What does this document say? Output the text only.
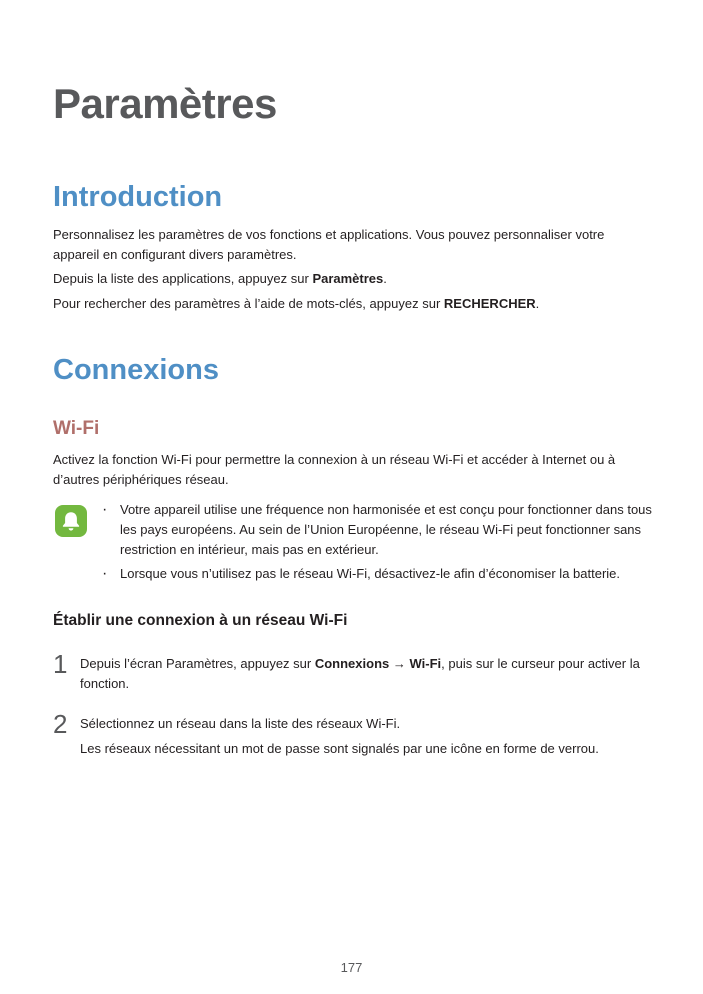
Paramètres
Introduction
Personnalisez les paramètres de vos fonctions et applications. Vous pouvez personnaliser votre appareil en configurant divers paramètres.
Depuis la liste des applications, appuyez sur Paramètres.
Pour rechercher des paramètres à l’aide de mots-clés, appuyez sur RECHERCHER.
Connexions
Wi-Fi
Activez la fonction Wi-Fi pour permettre la connexion à un réseau Wi-Fi et accéder à Internet ou à d’autres périphériques réseau.
· Votre appareil utilise une fréquence non harmonisée et est conçu pour fonctionner dans tous les pays européens. Au sein de l’Union Européenne, le réseau Wi-Fi peut fonctionner sans restriction en intérieur, mais pas en extérieur.
· Lorsque vous n’utilisez pas le réseau Wi-Fi, désactivez-le afin d’économiser la batterie.
Établir une connexion à un réseau Wi-Fi
1 Depuis l’écran Paramètres, appuyez sur Connexions → Wi-Fi, puis sur le curseur pour activer la fonction.
2 Sélectionnez un réseau dans la liste des réseaux Wi-Fi.
Les réseaux nécessitant un mot de passe sont signalés par une icône en forme de verrou.
177
